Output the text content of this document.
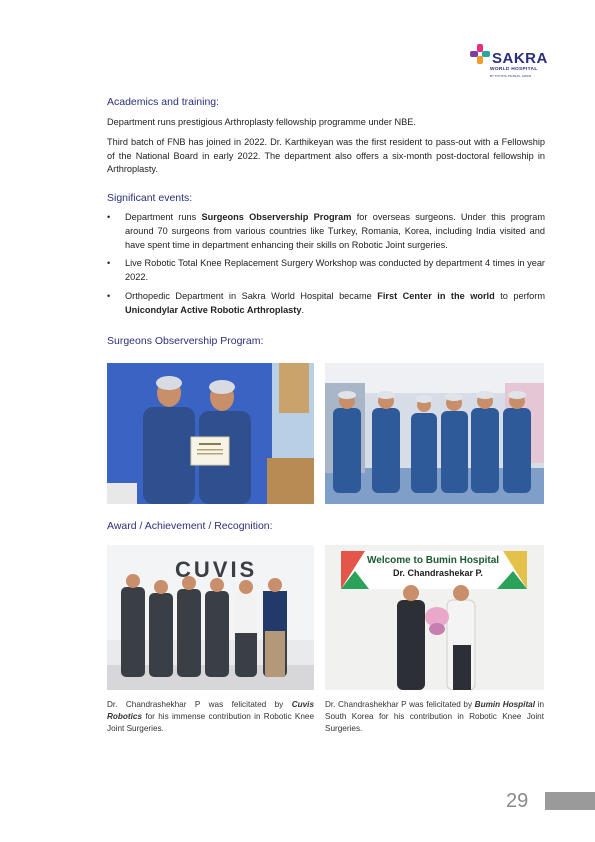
SAKRA
WORLD HOSPITAL
BY TOYOTA TSUSHO, JAPAN
Academics and training:

Department runs prestigious Arthroplasty fellowship programme under NBE.

Third batch of FNB has joined in 2022. Dr. Karthikeyan was the first resident to pass-out with a Fellowship of the National Board in early 2022. The department also offers a six-month post-doctoral fellowship in Arthroplasty.

Significant events:
• Department runs Surgeons Observership Program for overseas surgeons. Under this program around 70 surgeons from various countries like Turkey, Romania, Korea, including India visited and have spent time in department enhancing their skills on Robotic Joint surgeries.
• Live Robotic Total Knee Replacement Surgery Workshop was conducted by department 4 times in year 2022.
• Orthopedic Department in Sakra World Hospital became First Center in the world to perform Unicondylar Active Robotic Arthroplasty.
Surgeons Observership Program:
Award / Achievement / Recognition:
CUVIS	Welcome to Bumin Hospital
Dr. Chandrashekar P.
Dr. Chandrashekhar P was felicitated by Cuvis Robotics for his immense contribution in Robotic Knee Joint Surgeries.
Dr. Chandrashekhar P was felicitated by Bumin Hospital in South Korea for his contribution in Robotic Knee Joint Surgeries.
29
